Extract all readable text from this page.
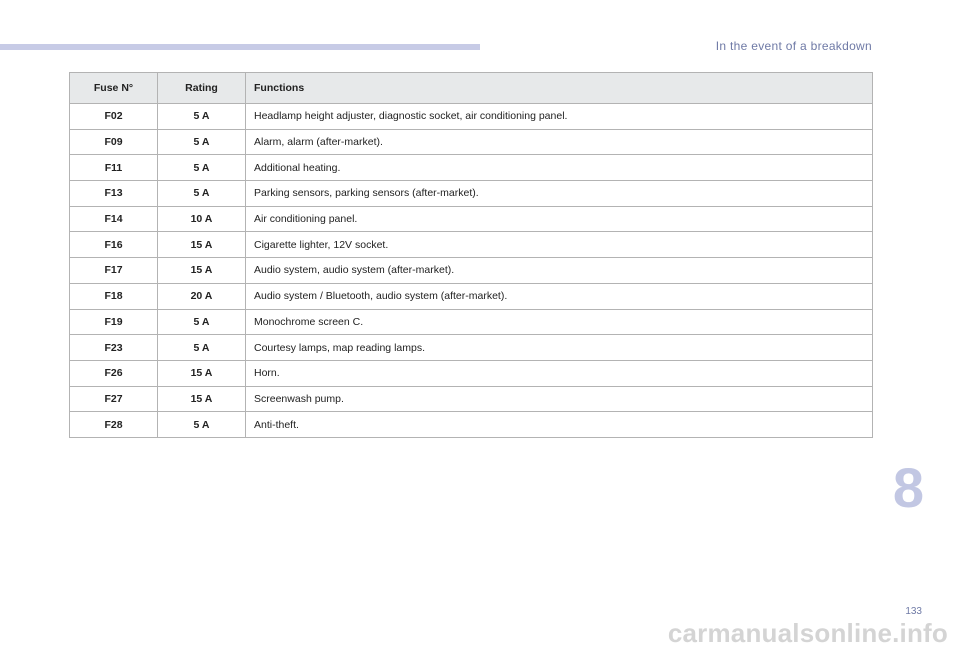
In the event of a breakdown
Fuse N°	Rating	Functions
F02	5 A	Headlamp height adjuster, diagnostic socket, air conditioning panel.
F09	5 A	Alarm, alarm (after-market).
F11	5 A	Additional heating.
F13	5 A	Parking sensors, parking sensors (after-market).
F14	10 A	Air conditioning panel.
F16	15 A	Cigarette lighter, 12V socket.
F17	15 A	Audio system, audio system (after-market).
F18	20 A	Audio system / Bluetooth, audio system (after-market).
F19	5 A	Monochrome screen C.
F23	5 A	Courtesy lamps, map reading lamps.
F26	15 A	Horn.
F27	15 A	Screenwash pump.
F28	5 A	Anti-theft.
8
133
carmanualsonline.info
